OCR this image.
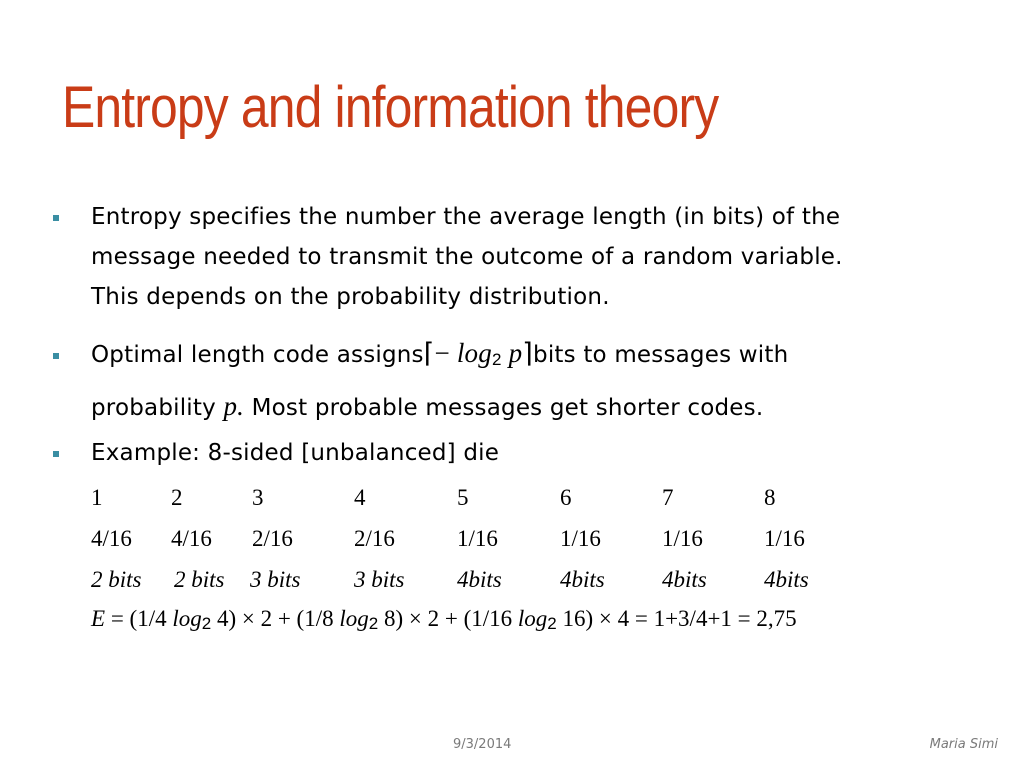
Entropy and information theory
Entropy specifies the number the average length (in bits) of the
message needed to transmit the outcome of a random variable.
This depends on the probability distribution.
Optimal length code assigns⌈− log2 p⌉bits to messages with
probability p. Most probable messages get shorter codes.
Example: 8-sided [unbalanced] die
1	2	3	4	5	6	7	8
4/16 4/16 2/16	2/16	1/16	1/16	1/16	1/16
2 bits 2 bits 3 bits 3 bits 4bits	4bits 4bits 4bits
E = (1/4 log2 4) × 2 + (1/8 log2 8) × 2 + (1/16 log2 16) × 4 = 1+3/4+1 = 2,75
9/3/2014	Maria Simi
